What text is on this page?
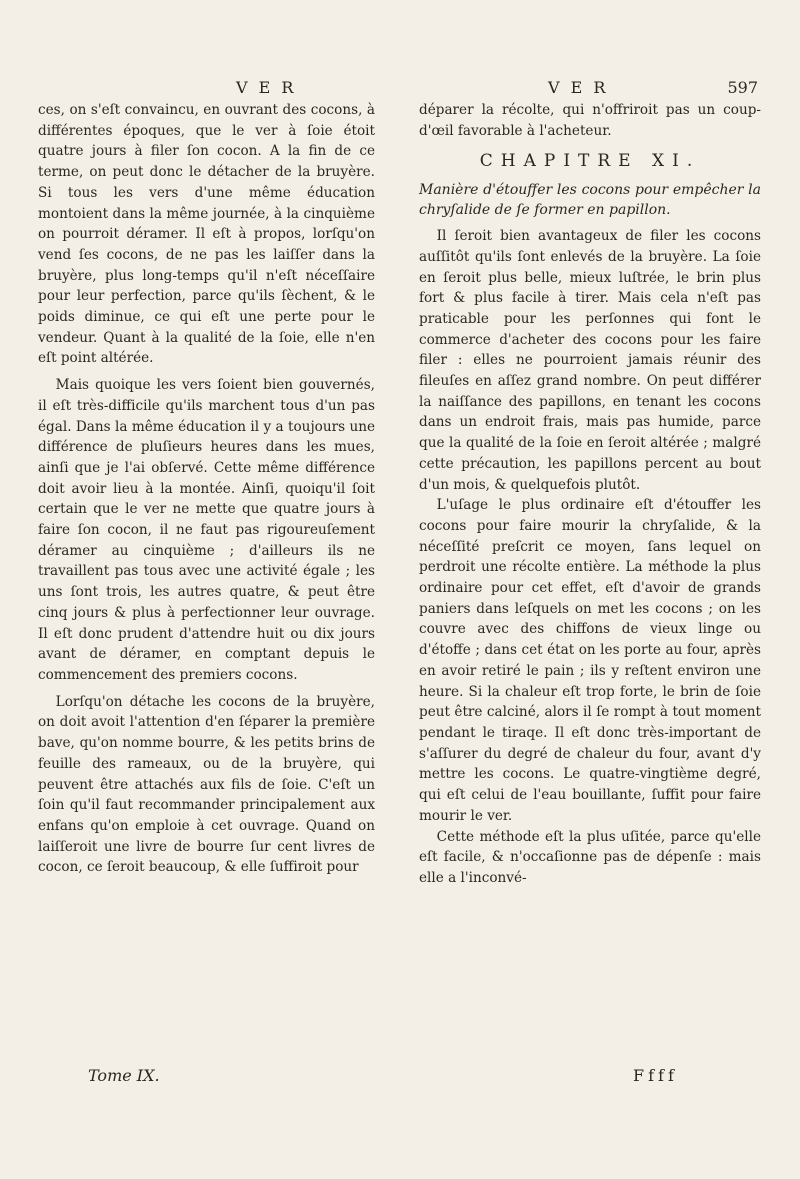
V E R	V E R	597

ces, on s'eſt convaincu, en ouvrant des cocons, à différentes époques, que le ver à ſoie étoit quatre jours à filer ſon cocon. A la fin de ce terme, on peut donc le détacher de la bruyère. Si tous les vers d'une même éducation montoient dans la même journée, à la cinquième on pourroit déramer. Il eſt à propos, lorſqu'on vend ſes cocons, de ne pas les laiſſer dans la bruyère, plus long-temps qu'il n'eſt néceſſaire pour leur perfection, parce qu'ils ſèchent, & le poids diminue, ce qui eſt une perte pour le vendeur. Quant à la qualité de la ſoie, elle n'en eſt point altérée.

Mais quoique les vers ſoient bien gouvernés, il eſt très-difficile qu'ils marchent tous d'un pas égal. Dans la même éducation il y a toujours une différence de pluſieurs heures dans les mues, ainſi que je l'ai obſervé. Cette même différence doit avoir lieu à la montée. Ainſi, quoiqu'il ſoit certain que le ver ne mette que quatre jours à faire ſon cocon, il ne faut pas rigoureuſement déramer au cinquième ; d'ailleurs ils ne travaillent pas tous avec une activité égale ; les uns ſont trois, les autres quatre, & peut être cinq jours & plus à perfectionner leur ouvrage. Il eſt donc prudent d'attendre huit ou dix jours avant de déramer, en comptant depuis le commencement des premiers cocons.

Lorſqu'on détache les cocons de la bruyère, on doit avoit l'attention d'en ſéparer la première bave, qu'on nomme bourre, & les petits brins de feuille des rameaux, ou de la bruyère, qui peuvent être attachés aux fils de ſoie. C'eſt un ſoin qu'il faut recommander principalement aux enfans qu'on emploie à cet ouvrage. Quand on laiſſeroit une livre de bourre ſur cent livres de cocon, ce ſeroit beaucoup, & elle ſuffiroit pour

déparer la récolte, qui n'offriroit pas un coup-d'œil favorable à l'acheteur.

CHAPITRE XI.

Manière d'étouffer les cocons pour empêcher la chryſalide de ſe former en papillon.

Il ſeroit bien avantageux de filer les cocons auſſitôt qu'ils ſont enlevés de la bruyère. La ſoie en ſeroit plus belle, mieux luſtrée, le brin plus fort & plus facile à tirer. Mais cela n'eſt pas praticable pour les perſonnes qui font le commerce d'acheter des cocons pour les faire filer : elles ne pourroient jamais réunir des fileuſes en aſſez grand nombre. On peut différer la naiſſance des papillons, en tenant les cocons dans un endroit frais, mais pas humide, parce que la qualité de la ſoie en ſeroit altérée ; malgré cette précaution, les papillons percent au bout d'un mois, & quelquefois plutôt.

L'uſage le plus ordinaire eſt d'étouffer les cocons pour faire mourir la chryſalide, & la néceſſité preſcrit ce moyen, ſans lequel on perdroit une récolte entière. La méthode la plus ordinaire pour cet effet, eſt d'avoir de grands paniers dans leſquels on met les cocons ; on les couvre avec des chiffons de vieux linge ou d'étoffe ; dans cet état on les porte au four, après en avoir retiré le pain ; ils y reſtent environ une heure. Si la chaleur eſt trop forte, le brin de ſoie peut être calciné, alors il ſe rompt à tout moment pendant le tiraqe. Il eſt donc très-important de s'aſſurer du degré de chaleur du four, avant d'y mettre les cocons. Le quatre-vingtième degré, qui eſt celui de l'eau bouillante, ſuffit pour faire mourir le ver.

Cette méthode eſt la plus uſitée, parce qu'elle eſt facile, & n'occaſionne pas de dépenſe : mais elle a l'inconvé-

Tome IX.	Ffff
